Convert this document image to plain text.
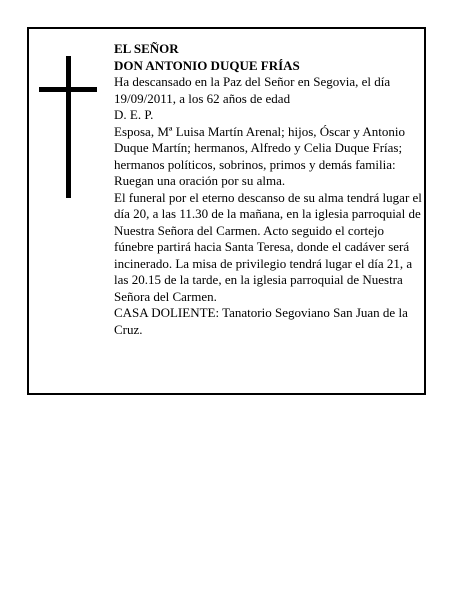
EL SEÑOR

DON ANTONIO DUQUE FRÍAS

Ha descansado en la Paz del Señor en Segovia, el día 19/09/2011, a los 62 años de edad

D. E. P.

Esposa, Mª Luisa Martín Arenal; hijos, Óscar y Antonio Duque Martín; hermanos, Alfredo y Celia Duque Frías; hermanos políticos, sobrinos, primos y demás familia:

Ruegan una oración por su alma.

El funeral por el eterno descanso de su alma tendrá lugar el día 20, a las 11.30 de la mañana, en la iglesia parroquial de Nuestra Señora del Carmen. Acto seguido el cortejo fúnebre partirá hacia Santa Teresa, donde el cadáver será incinerado. La misa de privilegio tendrá lugar el día 21, a las 20.15 de la tarde, en la iglesia parroquial de Nuestra Señora del Carmen.

CASA DOLIENTE: Tanatorio Segoviano San Juan de la Cruz.
